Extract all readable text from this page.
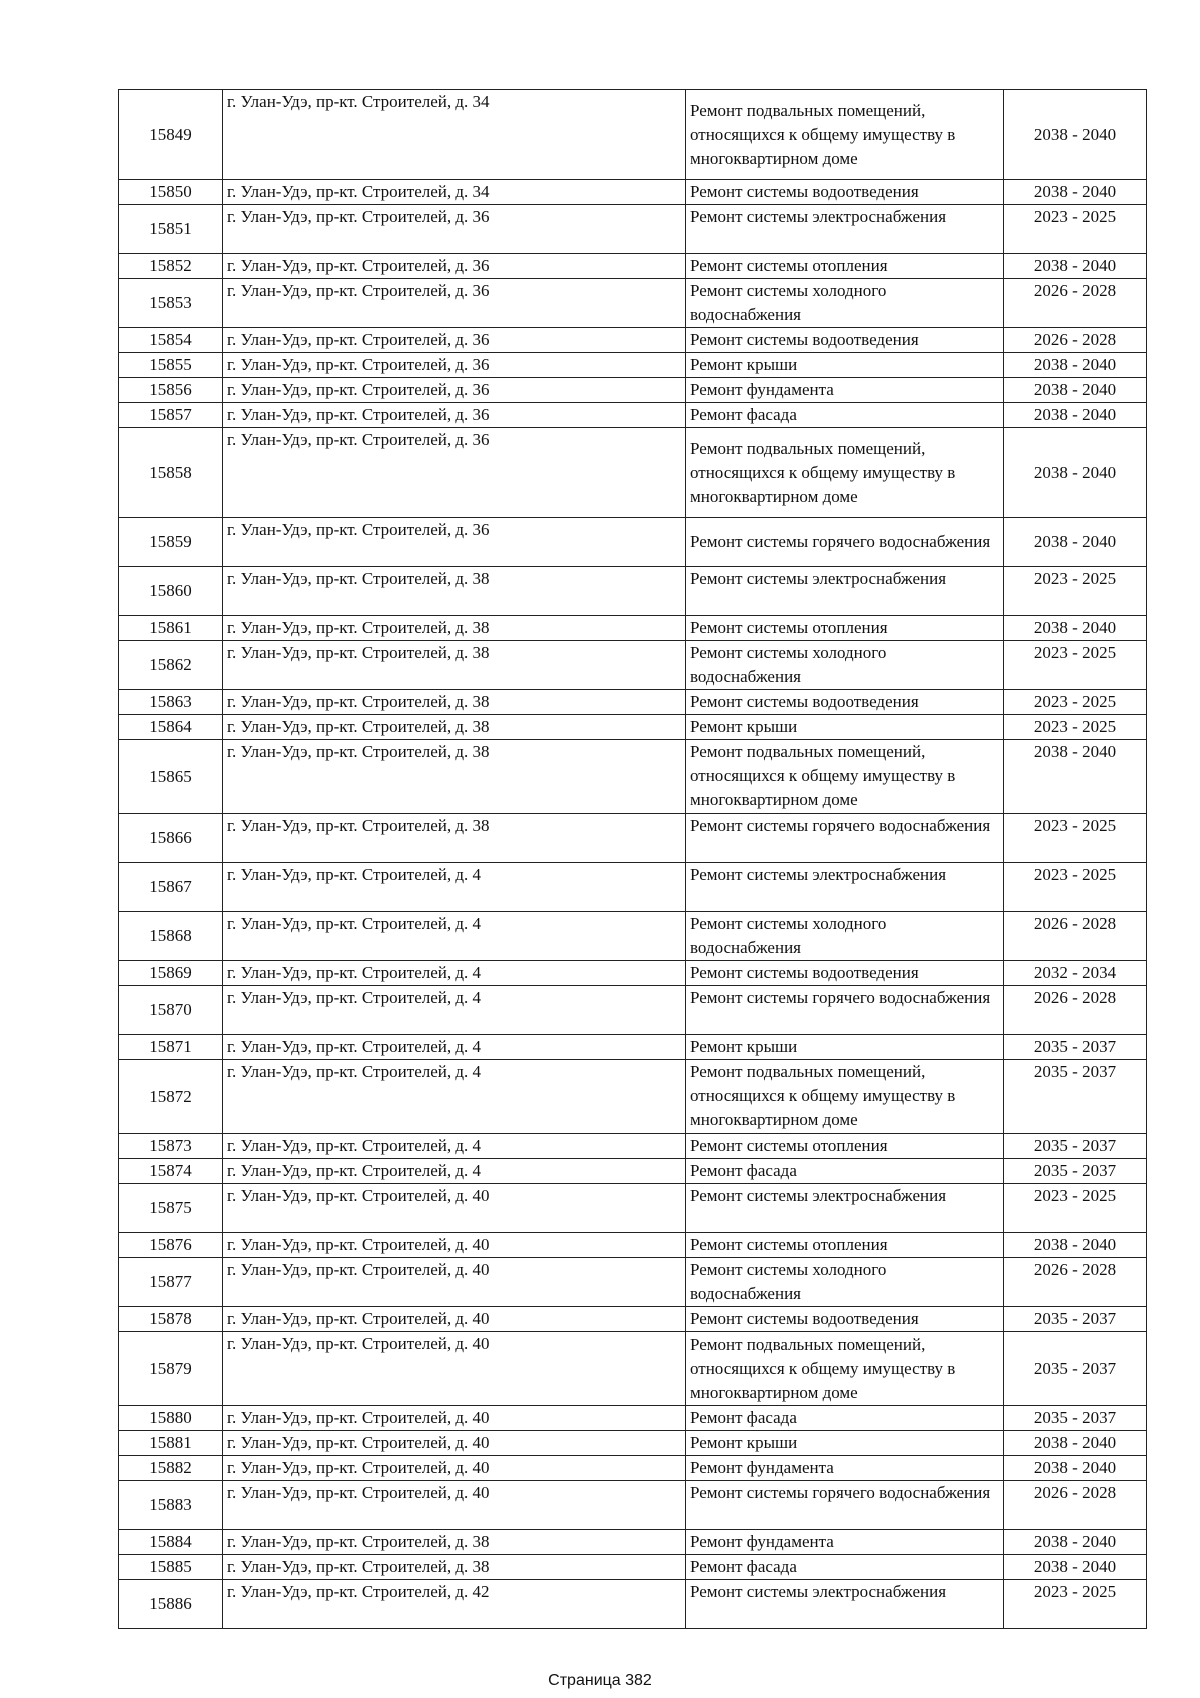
15849	г. Улан-Удэ, пр-кт. Строителей, д. 34	Ремонт подвальных помещений, относящихся к общему имуществу в многоквартирном доме	2038 - 2040
15850	г. Улан-Удэ, пр-кт. Строителей, д. 34	Ремонт системы водоотведения	2038 - 2040
15851	г. Улан-Удэ, пр-кт. Строителей, д. 36	Ремонт системы электроснабжения	2023 - 2025
15852	г. Улан-Удэ, пр-кт. Строителей, д. 36	Ремонт системы отопления	2038 - 2040
15853	г. Улан-Удэ, пр-кт. Строителей, д. 36	Ремонт системы холодного водоснабжения	2026 - 2028
15854	г. Улан-Удэ, пр-кт. Строителей, д. 36	Ремонт системы водоотведения	2026 - 2028
15855	г. Улан-Удэ, пр-кт. Строителей, д. 36	Ремонт крыши	2038 - 2040
15856	г. Улан-Удэ, пр-кт. Строителей, д. 36	Ремонт фундамента	2038 - 2040
15857	г. Улан-Удэ, пр-кт. Строителей, д. 36	Ремонт фасада	2038 - 2040
15858	г. Улан-Удэ, пр-кт. Строителей, д. 36	Ремонт подвальных помещений, относящихся к общему имуществу в многоквартирном доме	2038 - 2040
15859	г. Улан-Удэ, пр-кт. Строителей, д. 36	Ремонт системы горячего водоснабжения	2038 - 2040
15860	г. Улан-Удэ, пр-кт. Строителей, д. 38	Ремонт системы электроснабжения	2023 - 2025
15861	г. Улан-Удэ, пр-кт. Строителей, д. 38	Ремонт системы отопления	2038 - 2040
15862	г. Улан-Удэ, пр-кт. Строителей, д. 38	Ремонт системы холодного водоснабжения	2023 - 2025
15863	г. Улан-Удэ, пр-кт. Строителей, д. 38	Ремонт системы водоотведения	2023 - 2025
15864	г. Улан-Удэ, пр-кт. Строителей, д. 38	Ремонт крыши	2023 - 2025
15865	г. Улан-Удэ, пр-кт. Строителей, д. 38	Ремонт подвальных помещений, относящихся к общему имуществу в многоквартирном доме	2038 - 2040
15866	г. Улан-Удэ, пр-кт. Строителей, д. 38	Ремонт системы горячего водоснабжения	2023 - 2025
15867	г. Улан-Удэ, пр-кт. Строителей, д. 4	Ремонт системы электроснабжения	2023 - 2025
15868	г. Улан-Удэ, пр-кт. Строителей, д. 4	Ремонт системы холодного водоснабжения	2026 - 2028
15869	г. Улан-Удэ, пр-кт. Строителей, д. 4	Ремонт системы водоотведения	2032 - 2034
15870	г. Улан-Удэ, пр-кт. Строителей, д. 4	Ремонт системы горячего водоснабжения	2026 - 2028
15871	г. Улан-Удэ, пр-кт. Строителей, д. 4	Ремонт крыши	2035 - 2037
15872	г. Улан-Удэ, пр-кт. Строителей, д. 4	Ремонт подвальных помещений, относящихся к общему имуществу в многоквартирном доме	2035 - 2037
15873	г. Улан-Удэ, пр-кт. Строителей, д. 4	Ремонт системы отопления	2035 - 2037
15874	г. Улан-Удэ, пр-кт. Строителей, д. 4	Ремонт фасада	2035 - 2037
15875	г. Улан-Удэ, пр-кт. Строителей, д. 40	Ремонт системы электроснабжения	2023 - 2025
15876	г. Улан-Удэ, пр-кт. Строителей, д. 40	Ремонт системы отопления	2038 - 2040
15877	г. Улан-Удэ, пр-кт. Строителей, д. 40	Ремонт системы холодного водоснабжения	2026 - 2028
15878	г. Улан-Удэ, пр-кт. Строителей, д. 40	Ремонт системы водоотведения	2035 - 2037
15879	г. Улан-Удэ, пр-кт. Строителей, д. 40	Ремонт подвальных помещений, относящихся к общему имуществу в многоквартирном доме	2035 - 2037
15880	г. Улан-Удэ, пр-кт. Строителей, д. 40	Ремонт фасада	2035 - 2037
15881	г. Улан-Удэ, пр-кт. Строителей, д. 40	Ремонт крыши	2038 - 2040
15882	г. Улан-Удэ, пр-кт. Строителей, д. 40	Ремонт фундамента	2038 - 2040
15883	г. Улан-Удэ, пр-кт. Строителей, д. 40	Ремонт системы горячего водоснабжения	2026 - 2028
15884	г. Улан-Удэ, пр-кт. Строителей, д. 38	Ремонт фундамента	2038 - 2040
15885	г. Улан-Удэ, пр-кт. Строителей, д. 38	Ремонт фасада	2038 - 2040
15886	г. Улан-Удэ, пр-кт. Строителей, д. 42	Ремонт системы электроснабжения	2023 - 2025
Страница 382
